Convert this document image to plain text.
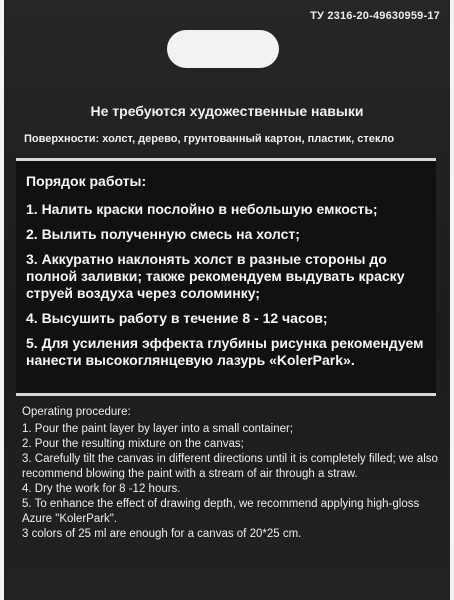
ТУ 2316-20-49630959-17
Не требуются художественные навыки
Поверхности: холст, дерево, грунтованный картон, пластик, стекло
Порядок работы:
1. Налить краски послойно в небольшую емкость;
2. Вылить полученную смесь на холст;
3. Аккуратно наклонять холст в разные стороны до полной заливки; также рекомендуем выдувать краску струей воздуха через соломинку;
4. Высушить работу в течение 8 - 12 часов;
5. Для усиления эффекта глубины рисунка рекомендуем нанести высокоглянцевую лазурь «KolerPark».

Operating procedure:

1. Pour the paint layer by layer into a small container;
2. Pour the resulting mixture on the canvas;
3. Carefully tilt the canvas in different directions until it is completely filled; we also recommend blowing the paint with a stream of air through a straw.
4. Dry the work for 8 -12 hours.
5. To enhance the effect of drawing depth, we recommend applying high-gloss Azure "KolerPark".

3 colors of 25 ml are enough for a canvas of 20*25 cm.
